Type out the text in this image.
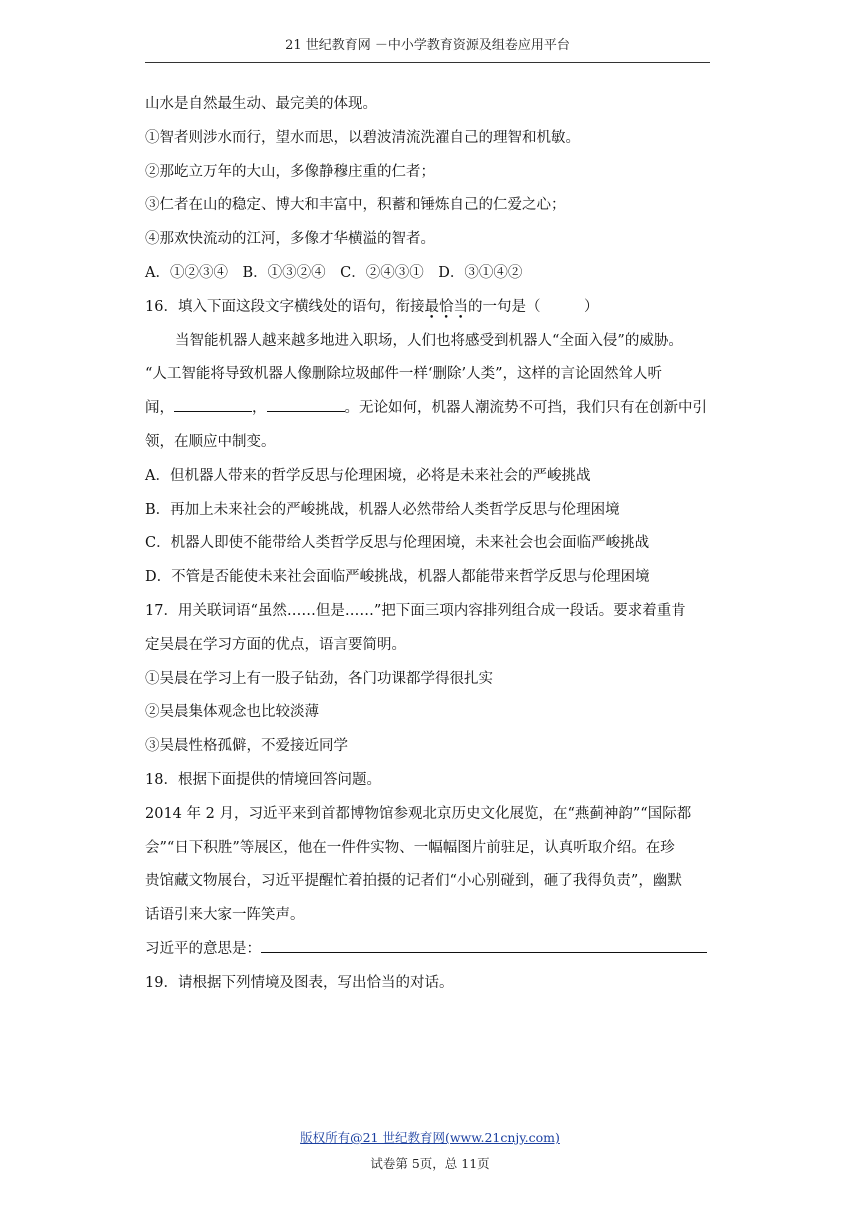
21 世纪教育网 －中小学教育资源及组卷应用平台
山水是自然最生动、最完美的体现。
①智者则涉水而行，望水而思，以碧波清流洗濯自己的理智和机敏。
②那屹立万年的大山，多像静穆庄重的仁者；
③仁者在山的稳定、博大和丰富中，积蓄和锤炼自己的仁爱之心；
④那欢快流动的江河，多像才华横溢的智者。
A．①②③④　B．①③②④　C．②④③①　D．③①④②
16．填入下面这段文字横线处的语句，衔接最恰当的一句是（　　　）
当智能机器人越来越多地进入职场，人们也将感受到机器人“全面入侵”的威胁。
“人工智能将导致机器人像删除垃圾邮件一样‘删除’人类”，这样的言论固然耸人听
闻，	，	。无论如何，机器人潮流势不可挡，我们只有在创新中引
领，在顺应中制变。
A．但机器人带来的哲学反思与伦理困境，必将是未来社会的严峻挑战
B．再加上未来社会的严峻挑战，机器人必然带给人类哲学反思与伦理困境
C．机器人即使不能带给人类哲学反思与伦理困境，未来社会也会面临严峻挑战
D．不管是否能使未来社会面临严峻挑战，机器人都能带来哲学反思与伦理困境
17．用关联词语“虽然……但是……”把下面三项内容排列组合成一段话。要求着重肯
定吴晨在学习方面的优点，语言要简明。
①吴晨在学习上有一股子钻劲，各门功课都学得很扎实
②吴晨集体观念也比较淡薄
③吴晨性格孤僻，不爱接近同学
18．根据下面提供的情境回答问题。
2014 年 2 月，习近平来到首都博物馆参观北京历史文化展览，在“燕蓟神韵”“国际都
会”“日下积胜”等展区，他在一件件实物、一幅幅图片前驻足，认真听取介绍。在珍
贵馆藏文物展台，习近平提醒忙着拍摄的记者们“小心别碰到，砸了我得负责”，幽默
话语引来大家一阵笑声。
习近平的意思是：
19．请根据下列情境及图表，写出恰当的对话。
版权所有@21 世纪教育网(www.21cnjy.com)
试卷第 5页，总 11页
